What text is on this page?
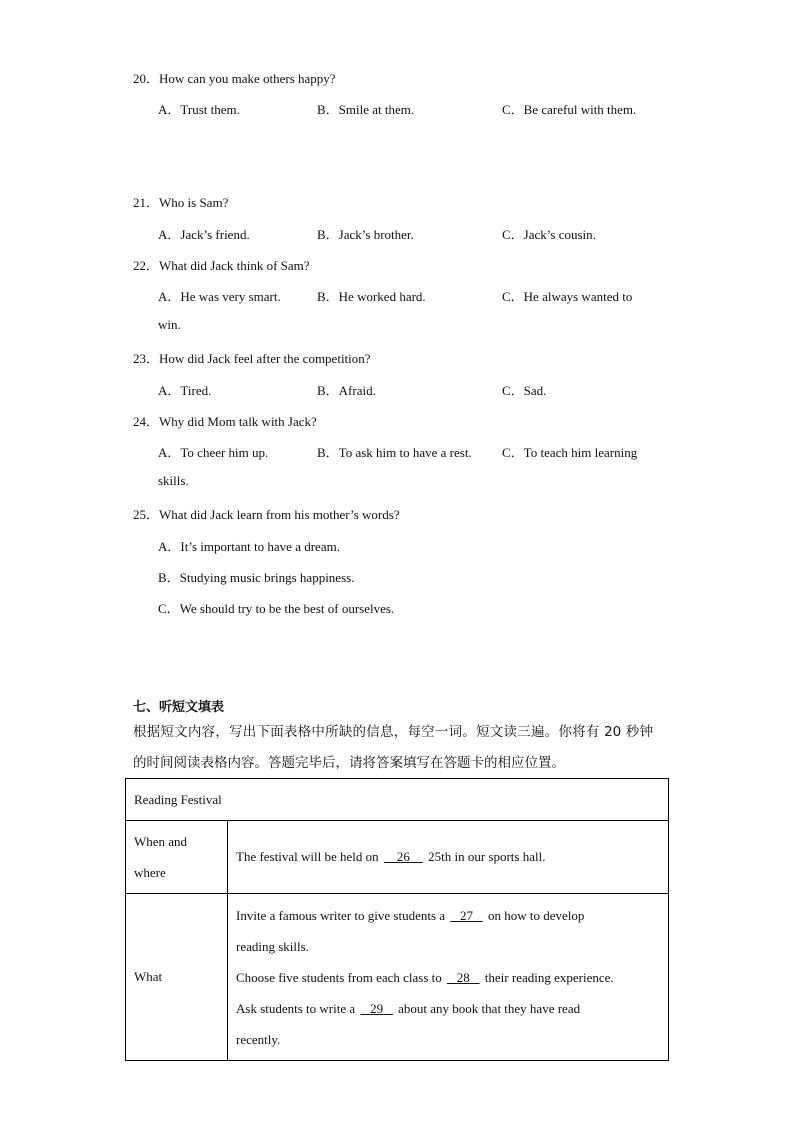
20．How can you make others happy?
A．Trust them.	B．Smile at them.	C．Be careful with them.
21．Who is Sam?
A．Jack’s friend.	B．Jack’s brother.	C．Jack’s cousin.
22．What did Jack think of Sam?
A．He was very smart.	B．He worked hard.	C．He always wanted to
win.
23．How did Jack feel after the competition?
A．Tired.	B．Afraid.	C．Sad.
24．Why did Mom talk with Jack?
A．To cheer him up.	B．To ask him to have a rest. C．To teach him learning
skills.
25．What did Jack learn from his mother’s words?
A．It’s important to have a dream.
B．Studying music brings happiness.
C．We should try to be the best of ourselves.
七、听短文填表
根据短文内容，写出下面表格中所缺的信息，每空一词。短文读三遍。你将有 20 秒钟的时间阅读表格内容。答题完毕后，请将答案填写在答题卡的相应位置。
Reading Festival	

When and
where	The festival will be held on 26 25th in our sports hall.
What	Invite a famous writer to give students a 27 on how to develop
reading skills.
Choose five students from each class to 28 their reading experience.
Ask students to write a 29 about any book that they have read
recently.
